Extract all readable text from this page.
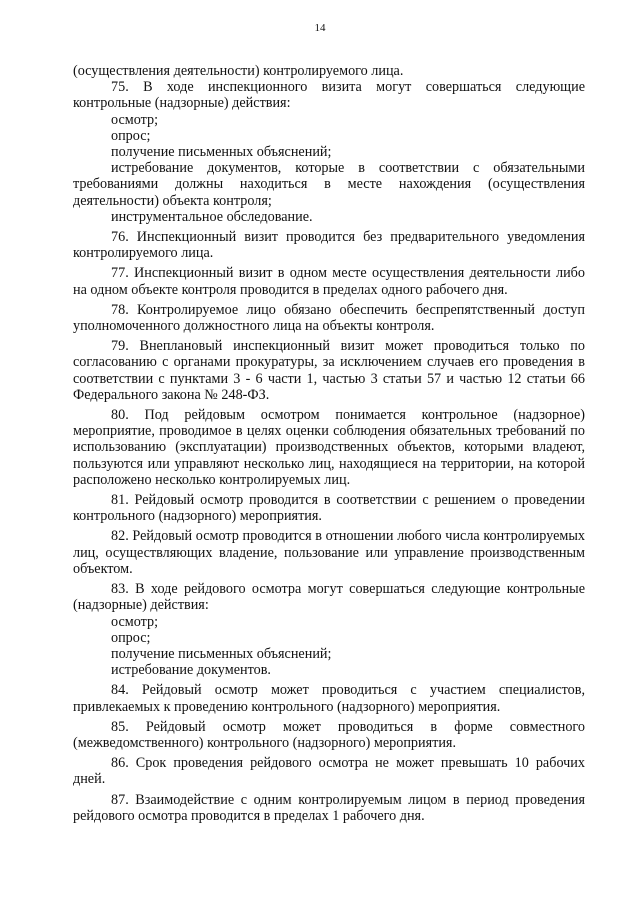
14

(осуществления деятельности) контролируемого лица.

75. В ходе инспекционного визита могут совершаться следующие контрольные (надзорные) действия:

осмотр;

опрос;

получение письменных объяснений;

истребование документов, которые в соответствии с обязательными требованиями должны находиться в месте нахождения (осуществления деятельности) объекта контроля;

инструментальное обследование.

76. Инспекционный визит проводится без предварительного уведомления контролируемого лица.

77. Инспекционный визит в одном месте осуществления деятельности либо на одном объекте контроля проводится в пределах одного рабочего дня.

78. Контролируемое лицо обязано обеспечить беспрепятственный доступ уполномоченного должностного лица на объекты контроля.

79. Внеплановый инспекционный визит может проводиться только по согласованию с органами прокуратуры, за исключением случаев его проведения в соответствии с пунктами 3 - 6 части 1, частью 3 статьи 57 и частью 12 статьи 66 Федерального закона № 248-ФЗ.

80. Под рейдовым осмотром понимается контрольное (надзорное) мероприятие, проводимое в целях оценки соблюдения обязательных требований по использованию (эксплуатации) производственных объектов, которыми владеют, пользуются или управляют несколько лиц, находящиеся на территории, на которой расположено несколько контролируемых лиц.

81. Рейдовый осмотр проводится в соответствии с решением о проведении контрольного (надзорного) мероприятия.

82. Рейдовый осмотр проводится в отношении любого числа контролируемых лиц, осуществляющих владение, пользование или управление производственным объектом.

83. В ходе рейдового осмотра могут совершаться следующие контрольные (надзорные) действия:

осмотр;

опрос;

получение письменных объяснений;

истребование документов.

84. Рейдовый осмотр может проводиться с участием специалистов, привлекаемых к проведению контрольного (надзорного) мероприятия.

85. Рейдовый осмотр может проводиться в форме совместного (межведомственного) контрольного (надзорного) мероприятия.

86. Срок проведения рейдового осмотра не может превышать 10 рабочих дней.

87. Взаимодействие с одним контролируемым лицом в период проведения рейдового осмотра проводится в пределах 1 рабочего дня.
